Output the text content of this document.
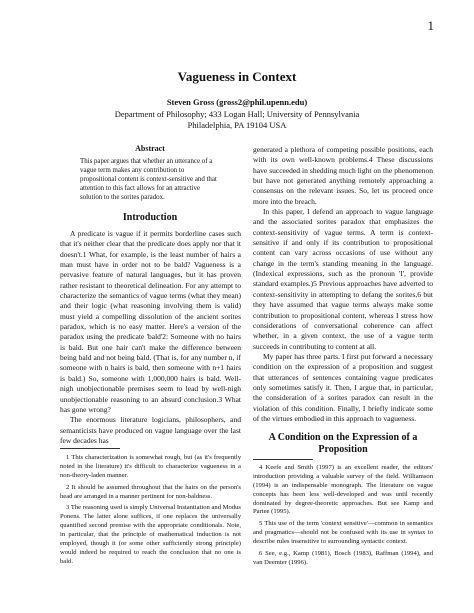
1
Vagueness in Context
Steven Gross (gross2@phil.upenn.edu)
Department of Philosophy; 433 Logan Hall; University of Pennsylvania
Philadelphia, PA 19104 USA
Abstract
This paper argues that whether an utterance of a vague term makes any contribution to propositional content is context-sensitive and that attention to this fact allows for an attractive solution to the sorites paradox.
Introduction

A predicate is vague if it permits borderline cases such that it's neither clear that the predicate does apply nor that it doesn't.1 What, for example, is the least number of hairs a man must have in order not to be bald? Vagueness is a pervasive feature of natural languages, but it has proven rather resistant to theoretical delineation. For any attempt to characterize the semantics of vague terms (what they mean) and their logic (what reasoning involving them is valid) must yield a compelling dissolution of the ancient sorites paradox, which is no easy matter. Here's a version of the paradox using the predicate 'bald'2: Someone with no hairs is bald. But one hair can't make the difference between being bald and not being bald. (That is, for any number n, if someone with n hairs is bald, then someone with n+1 hairs is bald.) So, someone with 1,000,000 hairs is bald. Well-nigh unobjectionable premises seem to lead by well-nigh unobjectionable reasoning to an absurd conclusion.3 What has gone wrong?

The enormous literature logicians, philosophers, and semanticists have produced on vague language over the last few decades has

1 This characterization is somewhat rough, but (as it's frequently noted in the literature) it's difficult to characterize vagueness in a non-theory-laden manner.

2 It should be assumed throughout that the hairs on the person's head are arranged in a manner pertinent for non-baldness.

3 The reasoning used is simply Universal Instantiation and Modus Ponens. The latter alone suffices, if one replaces the universally quantified second premise with the appropriate conditionals. Note, in particular, that the principle of mathematical induction is not employed, though it (or some other sufficiently strong principle) would indeed be required to reach the conclusion that no one is bald.

generated a plethora of competing possible positions, each with its own well-known problems.4 These discussions have succeeded in shedding much light on the phenomenon but have not generated anything remotely approaching a consensus on the relevant issues. So, let us proceed once more into the breach.

In this paper, I defend an approach to vague language and the associated sorites paradox that emphasizes the context-sensitivity of vague terms. A term is context-sensitive if and only if its contribution to propositional content can vary across occasions of use without any change in the term's standing meaning in the language. (Indexical expressions, such as the pronoun 'I', provide standard examples.)5 Previous approaches have adverted to context-sensitivity in attempting to defang the sorites,6 but they have assumed that vague terms always make some contribution to propositional content, whereas I stress how considerations of conversational coherence can affect whether, in a given context, the use of a vague term succeeds in contributing to content at all.

My paper has three parts. I first put forward a necessary condition on the expression of a proposition and suggest that utterances of sentences containing vague predicates only sometimes satisfy it. Then, I argue that, in particular, the consideration of a sorites paradox can result in the violation of this condition. Finally, I briefly indicate some of the virtues embodied in this approach to vagueness.

A Condition on the Expression of a Proposition

4 Keefe and Smith (1997) is an excellent reader, the editors' introduction providing a valuable survey of the field. Williamson (1994) is an indispensable monograph. The literature on vague concepts has been less well-developed and was until recently dominated by degree-theoretic approaches. But see Kamp and Partee (1995).

5 This use of the term 'context sensitive'—common in semantics and pragmatics—should not be confused with its use in syntax to describe rules insensitive to surrounding syntactic context.

6 See, e.g., Kamp (1981), Bosch (1983), Raffman (1994), and van Deemter (1996).
